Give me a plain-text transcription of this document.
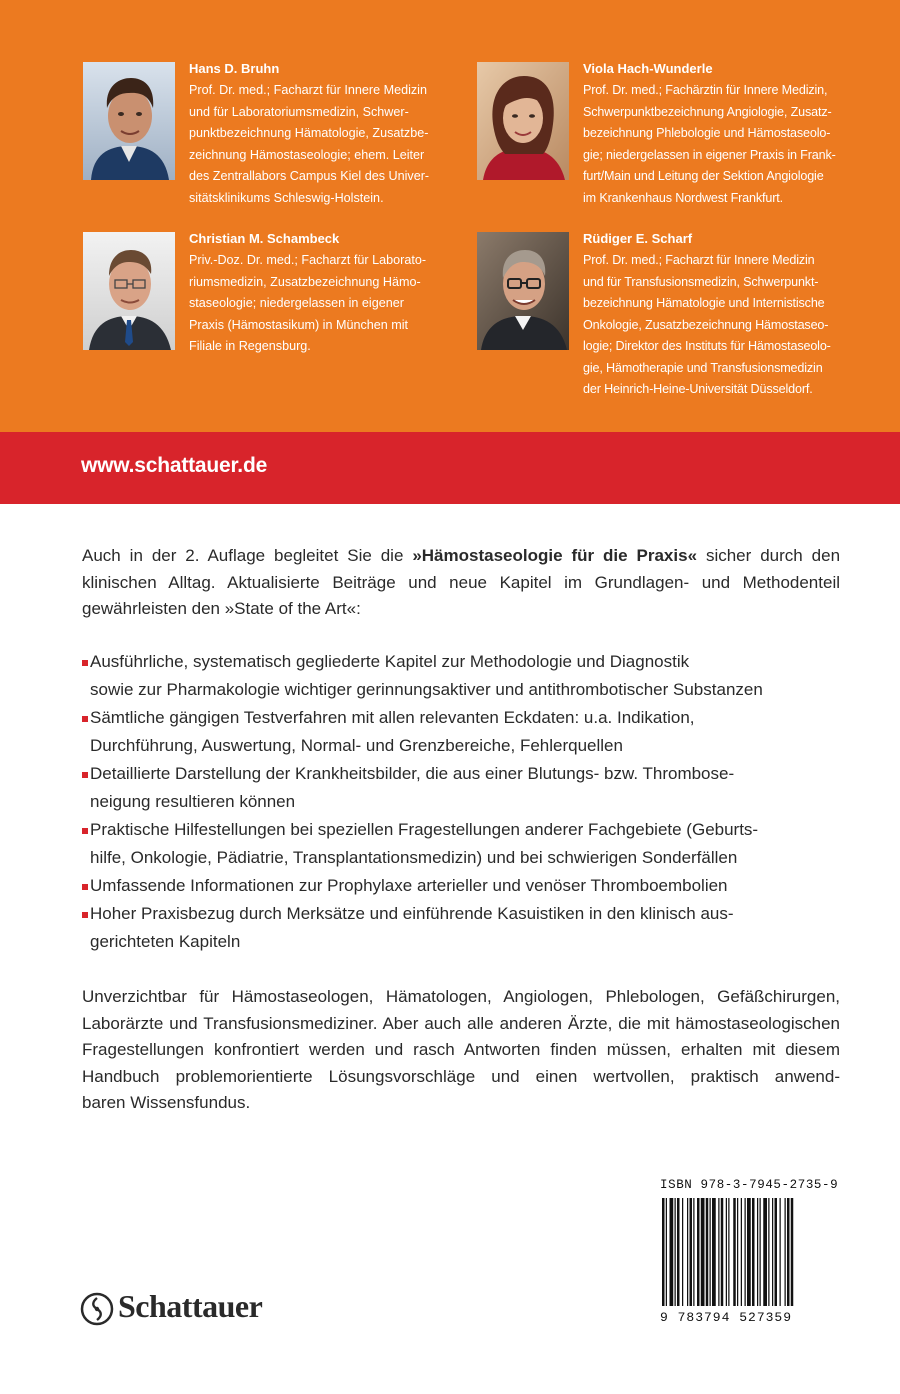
Hans D. Bruhn
Prof. Dr. med.; Facharzt für Innere Medizin
und für Laboratoriumsmedizin, Schwer-
punktbezeichnung Hämatologie, Zusatzbe-
zeichnung Hämostaseologie; ehem. Leiter
des Zentrallabors Campus Kiel des Univer-
sitätsklinikums Schleswig-Holstein.
Viola Hach-Wunderle
Prof. Dr. med.; Fachärztin für Innere Medizin,
Schwerpunktbezeichnung Angiologie, Zusatz-
bezeichnung Phlebologie und Hämostaseolo-
gie; niedergelassen in eigener Praxis in Frank-
furt/Main und Leitung der Sektion Angiologie
im Krankenhaus Nordwest Frankfurt.
Christian M. Schambeck
Priv.-Doz. Dr. med.; Facharzt für Laborato-
riumsmedizin, Zusatzbezeichnung Hämo-
staseologie; niedergelassen in eigener
Praxis (Hämostasikum) in München mit
Filiale in Regensburg.
Rüdiger E. Scharf
Prof. Dr. med.; Facharzt für Innere Medizin
und für Transfusionsmedizin, Schwerpunkt-
bezeichnung Hämatologie und Internistische
Onkologie, Zusatzbezeichnung Hämostaseo-
logie; Direktor des Instituts für Hämostaseolo-
gie, Hämotherapie und Transfusionsmedizin
der Heinrich-Heine-Universität Düsseldorf.
www.schattauer.de
Auch in der 2. Auflage begleitet Sie die »Hämostaseologie für die Praxis« sicher durch den
klinischen Alltag. Aktualisierte Beiträge und neue Kapitel im Grundlagen- und Methodenteil
gewährleisten den »State of the Art«:
Ausführliche, systematisch gegliederte Kapitel zur Methodologie und Diagnostik
sowie zur Pharmakologie wichtiger gerinnungsaktiver und antithrombotischer Substanzen
Sämtliche gängigen Testverfahren mit allen relevanten Eckdaten: u.a. Indikation,
Durchführung, Auswertung, Normal- und Grenzbereiche, Fehlerquellen
Detaillierte Darstellung der Krankheitsbilder, die aus einer Blutungs- bzw. Thrombose-
neigung resultieren können
Praktische Hilfestellungen bei speziellen Fragestellungen anderer Fachgebiete (Geburts-
hilfe, Onkologie, Pädiatrie, Transplantationsmedizin) und bei schwierigen Sonderfällen
Umfassende Informationen zur Prophylaxe arterieller und venöser Thromboembolien
Hoher Praxisbezug durch Merksätze und einführende Kasuistiken in den klinisch aus-
gerichteten Kapiteln
Unverzichtbar für Hämostaseologen, Hämatologen, Angiologen, Phlebologen, Gefäßchirurgen,
Laborärzte und Transfusionsmediziner. Aber auch alle anderen Ärzte, die mit hämostaseologischen
Fragestellungen konfrontiert werden und rasch Antworten finden müssen, erhalten mit diesem
Handbuch problemorientierte Lösungsvorschläge und einen wertvollen, praktisch anwend-
baren Wissensfundus.
Schattauer
ISBN 978-3-7945-2735-9
9 783794 527359
